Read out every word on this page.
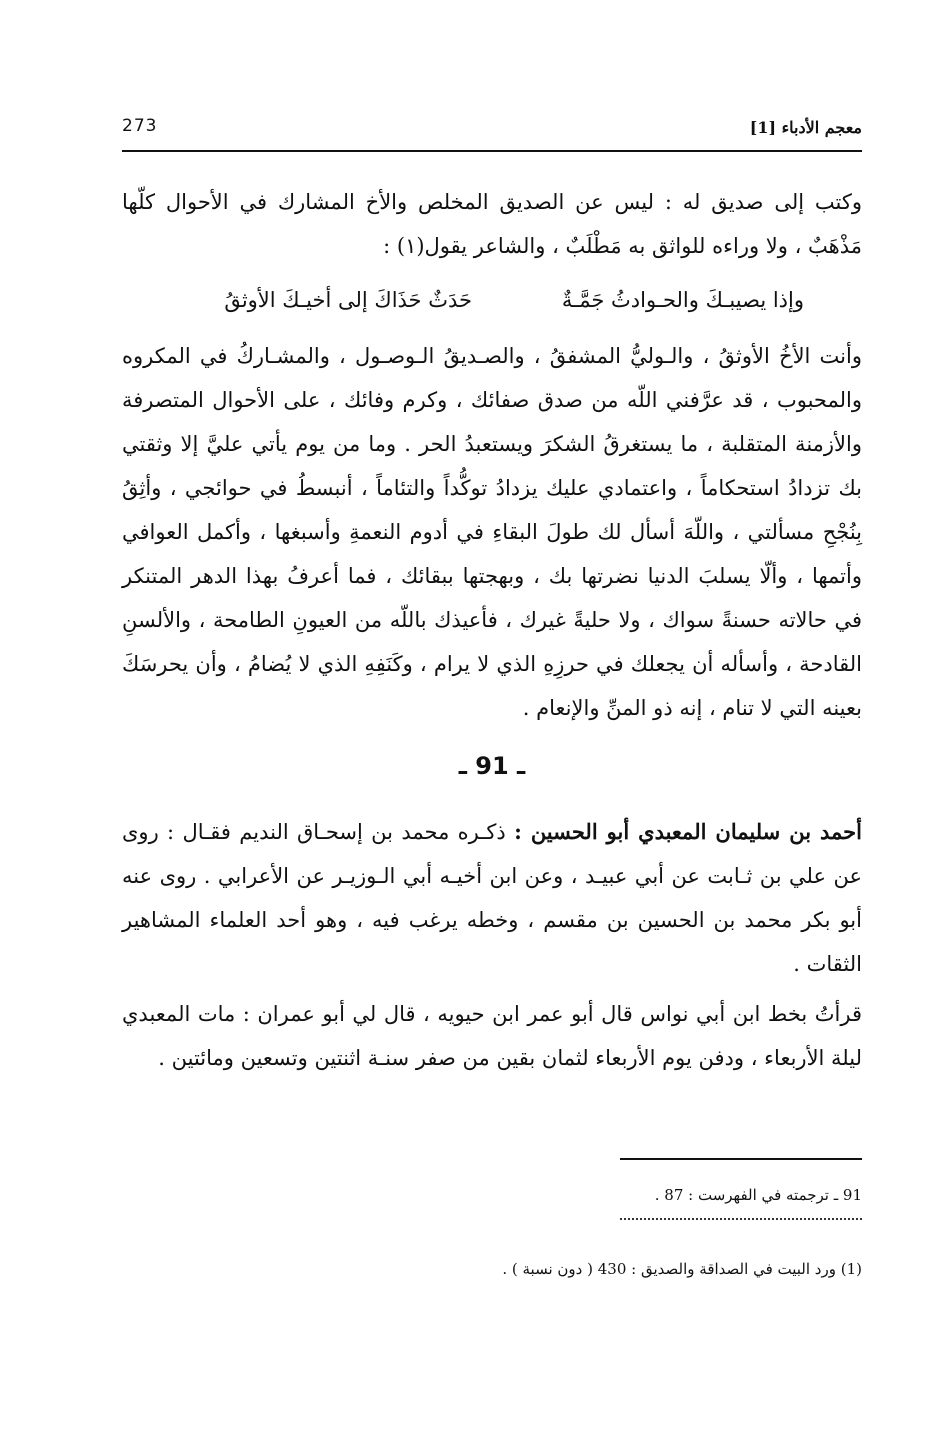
معجم الأدباء [1]
273

وكتب إلى صديق له : ليس عن الصديق المخلص والأخ المشارك في الأحوال كلّها مَذْهَبٌ ، ولا وراءه للواثق به مَطْلَبٌ ، والشاعر يقول(١) :

وإذا يصيبـكَ والحـوادثُ جَمَّـةٌ
حَدَثٌ حَذَاكَ إلى أخيـكَ الأوثقُ

وأنت الأخُ الأوثقُ ، والـوليُّ المشفقُ ، والصـديقُ الـوصـول ، والمشـاركُ في المكروه والمحبوب ، قد عرَّفني اللّه من صدق صفائك ، وكرم وفائك ، على الأحوال المتصرفة والأزمنة المتقلبة ، ما يستغرقُ الشكرَ ويستعبدُ الحر . وما من يوم يأتي عليَّ إلا وثقتي بك تزدادُ استحكاماً ، واعتمادي عليك يزدادُ توكُّداً والتئاماً ، أنبسطُ في حوائجي ، وأثِقُ بِنُجْحِ مسألتي ، واللّهَ أسأل لك طولَ البقاءِ في أدوم النعمةِ وأسبغها ، وأكمل العوافي وأتمها ، وألّا يسلبَ الدنيا نضرتها بك ، وبهجتها ببقائك ، فما أعرفُ بهذا الدهر المتنكر في حالاته حسنةً سواك ، ولا حليةً غيرك ، فأعيذك باللّه من العيونِ الطامحة ، والألسنِ القادحة ، وأسأله أن يجعلك في حرزِهِ الذي لا يرام ، وكَنَفِهِ الذي لا يُضامُ ، وأن يحرسَكَ بعينه التي لا تنام ، إنه ذو المنِّ والإنعام .

ـ 91 ـ

أحمد بن سليمان المعبدي أبو الحسين : ذكـره محمد بن إسحـاق النديم فقـال : روى عن علي بن ثـابت عن أبي عبيـد ، وعن ابن أخيـه أبي الـوزيـر عن الأعرابي . روى عنه أبو بكر محمد بن الحسين بن مقسم ، وخطه يرغب فيه ، وهو أحد العلماء المشاهير الثقات .

قرأتُ بخط ابن أبي نواس قال أبو عمر ابن حيويه ، قال لي أبو عمران : مات المعبدي ليلة الأربعاء ، ودفن يوم الأربعاء لثمان بقين من صفر سنـة اثنتين وتسعين ومائتين .

91 ـ ترجمته في الفهرست : 87 .
(1) ورد البيت في الصداقة والصديق : 430 ( دون نسبة ) .
